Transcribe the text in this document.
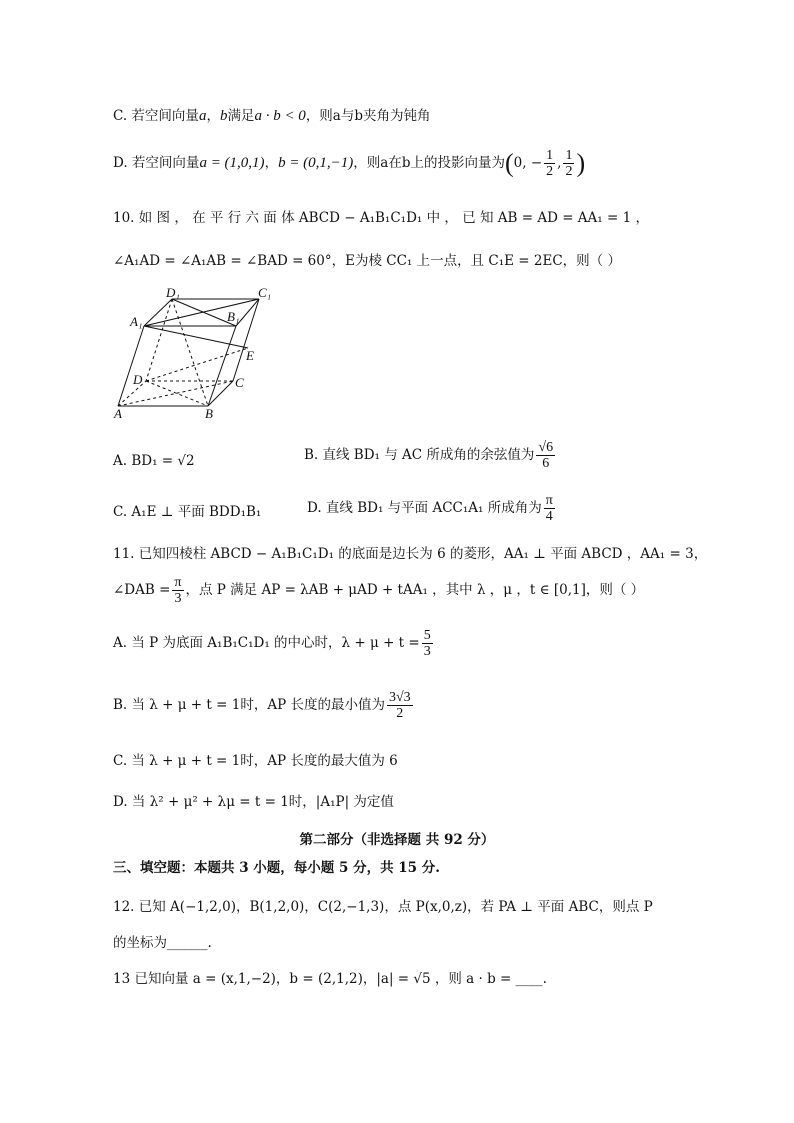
C. 若空间向量a，b满足a · b < 0，则a与b夹角为钝角
D. 若空间向量a = (1,0,1)，b = (0,1,−1)，则a在b上的投影向量为(0, − $\frac{1}{2}$ , $\frac{1}{2}$ )
10. 如 图 ， 在 平 行 六 面 体 ABCD − A₁B₁C₁D₁ 中 ， 已 知 AB = AD = AA₁ = 1 ，
∠A₁AD = ∠A₁AB = ∠BAD = 60°，E为棱 CC₁ 上一点，且 C₁E = 2EC，则（ ）
D₁	C₁
A₁	B₁
E
D	C
A	B
A. BD₁ = √2	B. 直线 BD₁ 与 AC 所成角的余弦值为 $\frac{√6}{6}$
C. A₁E ⊥ 平面 BDD₁B₁	D. 直线 BD₁ 与平面 ACC₁A₁ 所成角为 $\frac{\pi}{4}$
11. 已知四棱柱 ABCD − A₁B₁C₁D₁ 的底面是边长为 6 的菱形，AA₁ ⊥ 平面 ABCD ，AA₁ = 3，
∠DAB = $\frac{\pi}{3}$ ，点 P 满足 AP = λAB + μAD + tAA₁ ，其中 λ ，μ ，t ∈ [0,1]，则（ ）
A. 当 P 为底面 A₁B₁C₁D₁ 的中心时，$\lambda + \mu + t = \frac{5}{3}$
B. 当 λ + μ + t = 1时，AP 长度的最小值为 $\frac{3√3}{2}$
C. 当 λ + μ + t = 1时，AP 长度的最大值为 6
D. 当 λ² + μ² + λμ = t = 1时，|A₁P| 为定值
第二部分（非选择题 共 92 分）
三、填空题：本题共 3 小题，每小题 5 分，共 15 分.
12. 已知 A(−1,2,0)，B(1,2,0)，C(2,−1,3)，点 P(x,0,z)，若 PA ⊥ 平面 ABC，则点 P
的坐标为______.
13 已知向量 a = (x,1,−2)，b = (2,1,2)，|a| = √5 ，则 a · b = ____.
